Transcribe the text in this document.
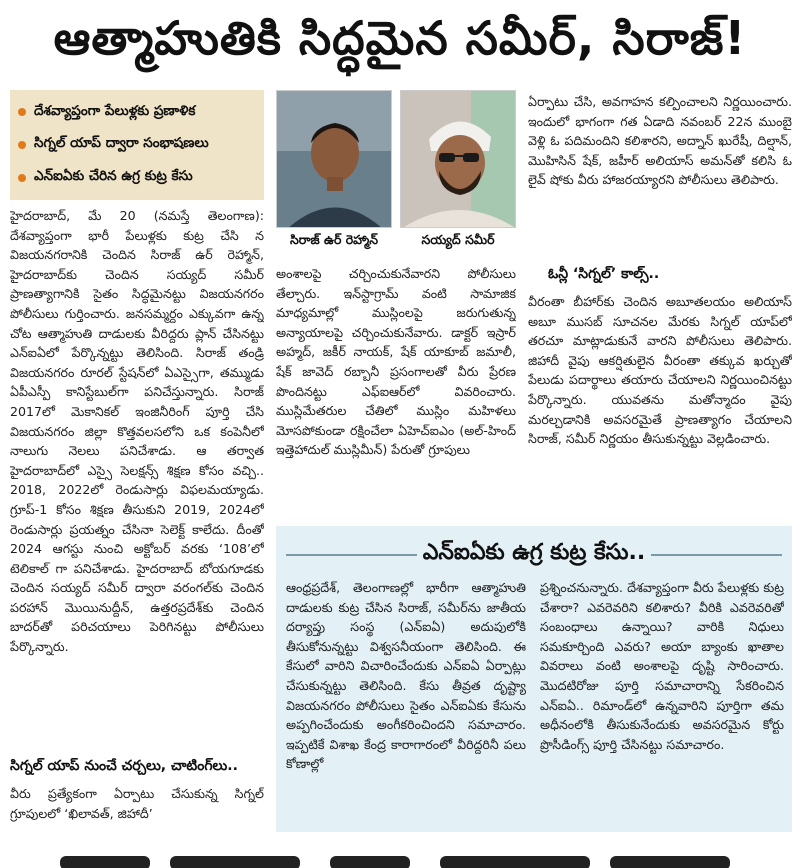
ఆత్మాహుతికి సిద్ధమైన సమీర్, సిరాజ్!
దేశవ్యాప్తంగా పేలుళ్లకు ప్రణాళిక
సిగ్నల్ యాప్ ద్వారా సంభాషణలు
ఎన్ఐఏకు చేరిన ఉగ్ర కుట్ర కేసు

హైదరాబాద్, మే 20 (నమస్తే తెలంగాణ): దేశవ్యాప్తంగా భారీ పేలుళ్లకు కుట్ర చేసి న విజయనగరానికి చెందిన సిరాజ్ ఉర్ రెహ్మాన్, హైదరాబాద్‌కు చెందిన సయ్యద్ సమీర్ ప్రాణత్యాగానికి సైతం సిద్ధమైనట్టు విజయనగరం పోలీసులు గుర్తించారు. జనసమ్మర్దం ఎక్కువగా ఉన్న చోట ఆత్మాహుతి దాడులకు వీరిద్దరు ప్లాన్ చేసినట్టు ఎన్ఐఏలో పేర్కొన్నట్టు తెలిసింది. సిరాజ్ తండ్రి విజయనగరం రూరల్ స్టేషన్‌లో ఏఎస్సైగా, తమ్ముడు ఏపీఎస్పీ కానిస్టేబుల్‌గా పనిచేస్తున్నారు. సిరాజ్ 2017లో మెకానికల్ ఇంజినీరింగ్ పూర్తి చేసి విజయనగరం జిల్లా కొత్తవలసలోని ఒక కంపెనీలో నాలుగు నెలలు పనిచేశాడు. ఆ తర్వాత హైదరాబాద్‌లో ఎస్సై సెలక్షన్స్ శిక్షణ కోసం వచ్చి.. 2018, 2022లో రెండుసార్లు విఫలమయ్యాడు. గ్రూప్-1 కోసం శిక్షణ తీసుకుని 2019, 2024లో రెండుసార్లు ప్రయత్నం చేసినా సెలెక్ట్ కాలేదు. దీంతో 2024 ఆగస్టు నుంచి అక్టోబర్ వరకు ‘108’లో టెలికాల్ గా పనిచేశాడు. హైదరాబాద్ బోయగూడకు చెందిన సయ్యద్ సమీర్ ద్వారా వరంగల్‌కు చెందిన పరహాన్ మొయినుద్దీన్, ఉత్తరప్రదేశ్‌కు చెందిన బాదర్‌తో పరిచయాలు పెరిగినట్టు పోలీసులు పేర్కొన్నారు.

సిగ్నల్ యాప్ నుంచే చర్చలు, చాటింగ్‌లు..

వీరు ప్రత్యేకంగా ఏర్పాటు చేసుకున్న సిగ్నల్ గ్రూపులలో ‘ఖిలావత్, జిహాదీ’

సిరాజ్ ఉర్ రెహ్మాన్	సయ్యద్ సమీర్

అంశాలపై చర్చించుకునేవారని పోలీసులు తేల్చారు. ఇన్‌స్టాగ్రామ్ వంటి సామాజిక మాధ్యమాల్లో ముస్లింలపై జరుగుతున్న అన్యాయాలపై చర్చించుకునేవారు. డాక్టర్ ఇస్రార్ అహ్మద్, జకీర్ నాయక్, షేక్ యాకూబ్ జమాలీ, షేక్ జావెద్ రబ్బానీ ప్రసంగాలతో వీరు ప్రేరణ పొందినట్టు ఎఫ్ఐఆర్‌లో వివరించారు. ముస్లిమేతరుల చేతిలో ముస్లిం మహిళలు మోసపోకుండా రక్షించేలా ఏహెచ్ఐఎం (అల్-హింద్ ఇత్తెహాదుల్ ముస్లిమీన్) పేరుతో గ్రూపులు

ఏర్పాటు చేసి, అవగాహన కల్పించాలని నిర్ణయించారు. ఇందులో భాగంగా గత ఏడాది నవంబర్ 22న ముంబై వెళ్లి ఓ పదిమందిని కలిశారని, అద్నాన్ ఖురేషీ, దిల్షాన్, మొహిసిన్ షేక్, జహీర్ అలియాస్ అమన్‌తో కలిసి ఓ లైవ్ షోకు వీరు హాజరయ్యారని పోలీసులు తెలిపారు.

ఓన్లీ ‘సిగ్నల్’ కాల్స్..

వీరంతా బీహార్‌కు చెందిన అబూతలయం అలియాస్ అబూ ముసబ్ సూచనల మేరకు సిగ్నల్ యాప్‌లో తరచూ మాట్లాడుకునే వారని పోలీసులు తెలిపారు. జిహాదీ వైపు ఆకర్షితులైన వీరంతా తక్కువ ఖర్చుతో పేలుడు పదార్థాలు తయారు చేయాలని నిర్ణయించినట్టు పేర్కొన్నారు. యువతను మతోన్మాదం వైపు మరల్చడానికి అవసరమైతే ప్రాణత్యాగం చేయాలని సిరాజ్, సమీర్ నిర్ణయం తీసుకున్నట్టు వెల్లడించారు.

ఎన్ఐఏకు ఉగ్ర కుట్ర కేసు..

ఆంధ్రప్రదేశ్, తెలంగాణల్లో భారీగా ఆత్మాహుతి దాడులకు కుట్ర చేసిన సిరాజ్, సమీర్‌ను జాతీయ దర్యాప్తు సంస్థ (ఎన్ఐఏ) అదుపులోకి తీసుకోనున్నట్టు విశ్వసనీయంగా తెలిసింది. ఈ కేసులో వారిని విచారించేందుకు ఎన్ఐఏ ఏర్పాట్లు చేసుకున్నట్టు తెలిసింది. కేసు తీవ్రత దృష్ట్యా విజయనగరం పోలీసులు సైతం ఎన్ఐఏకు కేసును అప్పగించేందుకు అంగీకరించిందని సమాచారం. ఇప్పటికే విశాఖ కేంద్ర కారాగారంలో వీరిద్దరినీ పలు కోణాల్లో

ప్రశ్నించనున్నారు. దేశవ్యాప్తంగా వీరు పేలుళ్లకు కుట్ర చేశారా? ఎవరెవరిని కలిశారు? వీరికి ఎవరెవరితో సంబంధాలు ఉన్నాయి? వారికి నిధులు సమకూర్చింది ఎవరు? అయా బ్యాంకు ఖాతాల వివరాలు వంటి అంశాలపై దృష్టి సారించారు. మొదటిరోజు పూర్తి సమాచారాన్ని సేకరించిన ఎన్ఐఏ.. రిమాండ్‌లో ఉన్నవారిని పూర్తిగా తమ అధీనంలోకి తీసుకునేందుకు అవసరమైన కోర్టు ప్రొసీడింగ్స్ పూర్తి చేసినట్టు సమాచారం.
